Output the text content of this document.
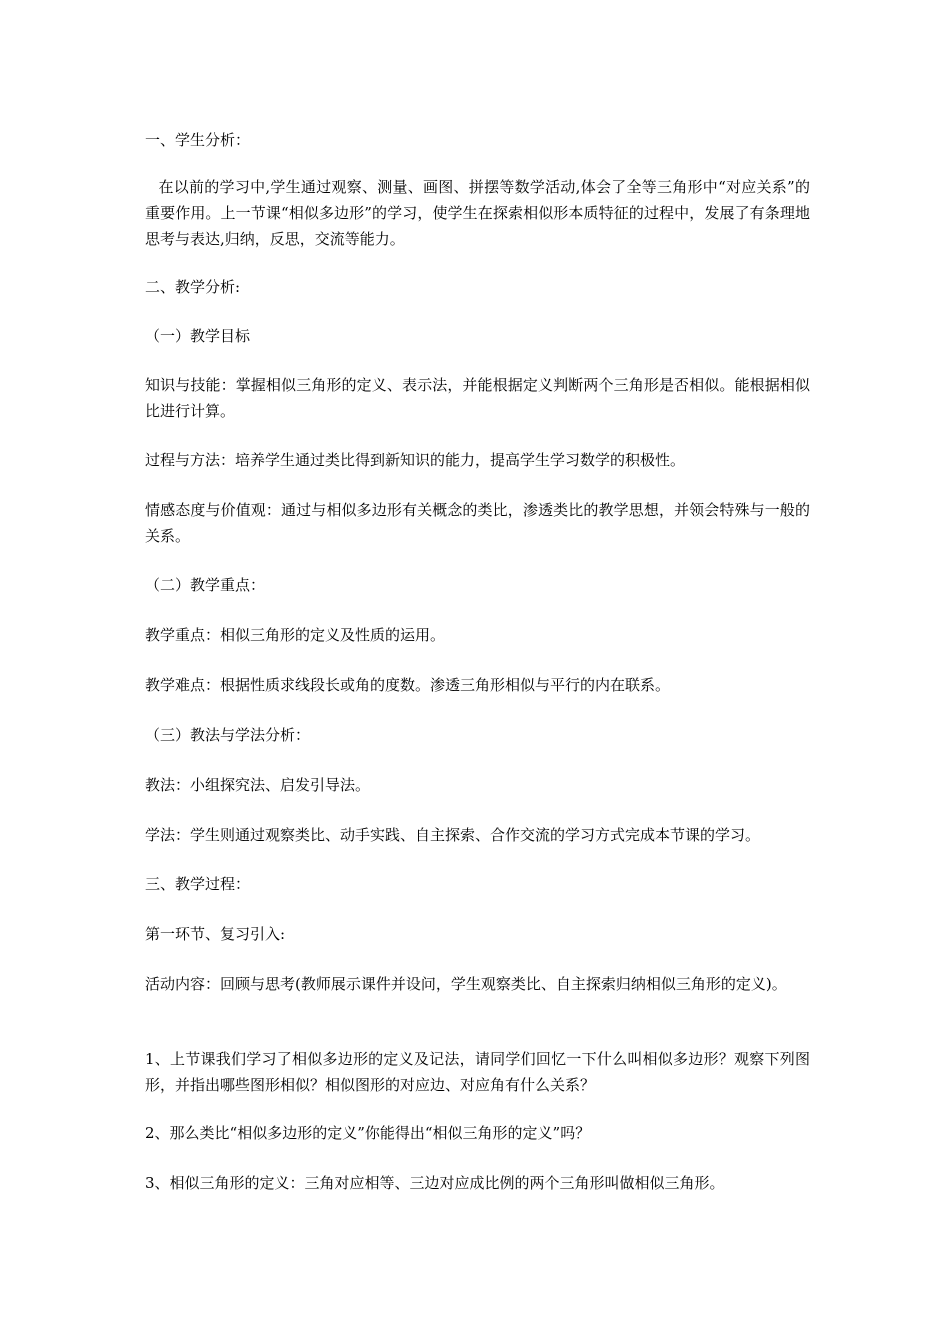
一、学生分析：

在以前的学习中,学生通过观察、测量、画图、拼摆等数学活动,体会了全等三角形中“对应关系”的重要作用。上一节课“相似多边形”的学习，使学生在探索相似形本质特征的过程中，发展了有条理地思考与表达,归纳，反思，交流等能力。

二、教学分析:

（一）教学目标

知识与技能：掌握相似三角形的定义、表示法，并能根据定义判断两个三角形是否相似。能根据相似比进行计算。

过程与方法：培养学生通过类比得到新知识的能力，提高学生学习数学的积极性。

情感态度与价值观：通过与相似多边形有关概念的类比，渗透类比的教学思想，并领会特殊与一般的关系。

（二）教学重点：

教学重点：相似三角形的定义及性质的运用。

教学难点：根据性质求线段长或角的度数。渗透三角形相似与平行的内在联系。

（三）教法与学法分析：

教法：小组探究法、启发引导法。

学法：学生则通过观察类比、动手实践、自主探索、合作交流的学习方式完成本节课的学习。

三、教学过程：

第一环节、复习引入:

活动内容：回顾与思考(教师展示课件并设问，学生观察类比、自主探索归纳相似三角形的定义)。

1、上节课我们学习了相似多边形的定义及记法，请同学们回忆一下什么叫相似多边形？观察下列图形，并指出哪些图形相似？相似图形的对应边、对应角有什么关系？

2、那么类比“相似多边形的定义”你能得出“相似三角形的定义”吗？

3、相似三角形的定义：三角对应相等、三边对应成比例的两个三角形叫做相似三角形。
